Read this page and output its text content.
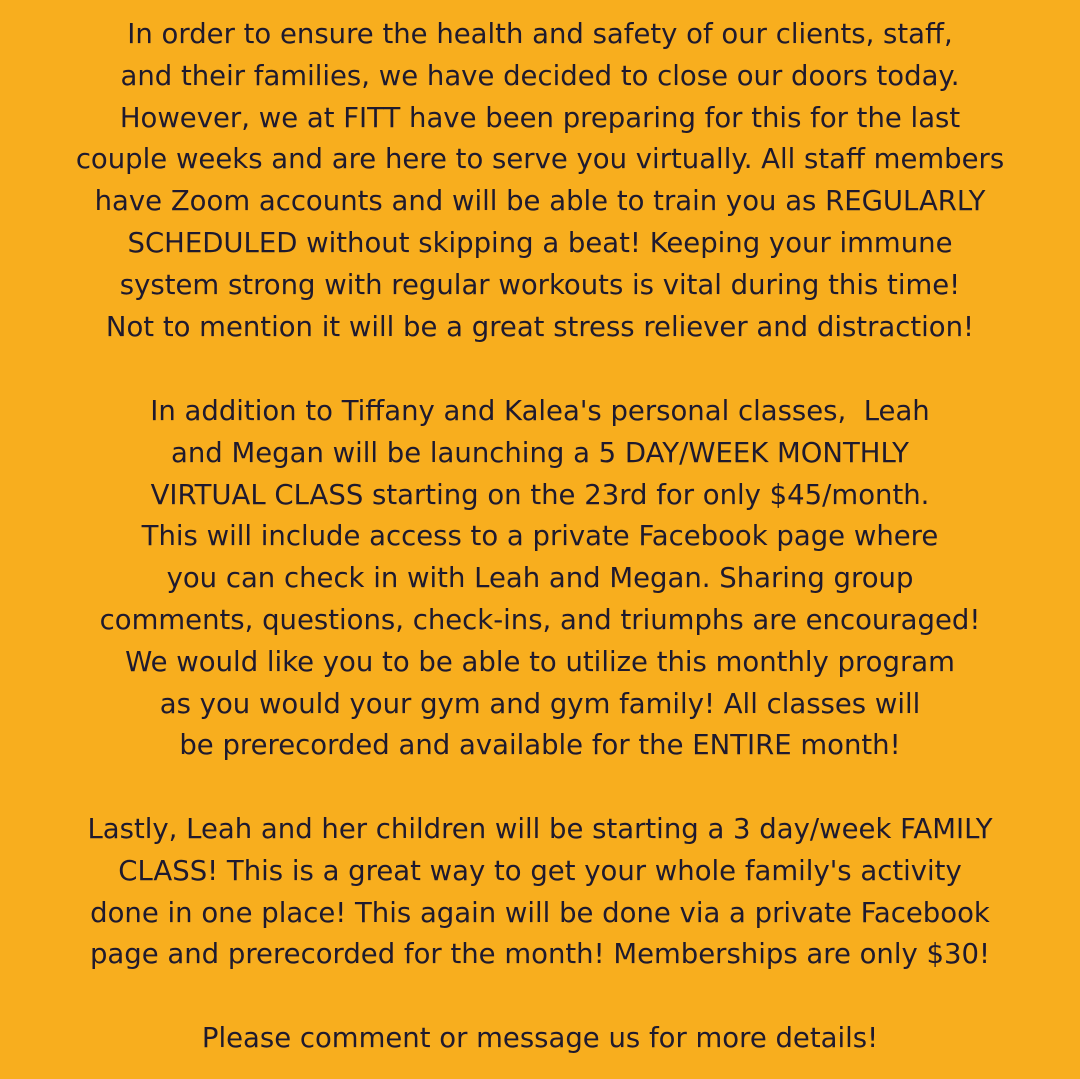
In order to ensure the health and safety of our clients, staff,
and their families, we have decided to close our doors today.
However, we at FITT have been preparing for this for the last
couple weeks and are here to serve you virtually. All staff members
have Zoom accounts and will be able to train you as REGULARLY
SCHEDULED without skipping a beat! Keeping your immune
system strong with regular workouts is vital during this time!
Not to mention it will be a great stress reliever and distraction!

In addition to Tiffany and Kalea's personal classes,  Leah
and Megan will be launching a 5 DAY/WEEK MONTHLY
VIRTUAL CLASS starting on the 23rd for only $45/month.
This will include access to a private Facebook page where
you can check in with Leah and Megan. Sharing group
comments, questions, check-ins, and triumphs are encouraged!
We would like you to be able to utilize this monthly program
as you would your gym and gym family! All classes will
be prerecorded and available for the ENTIRE month!

Lastly, Leah and her children will be starting a 3 day/week FAMILY
CLASS! This is a great way to get your whole family's activity
done in one place! This again will be done via a private Facebook
page and prerecorded for the month! Memberships are only $30!

Please comment or message us for more details!
